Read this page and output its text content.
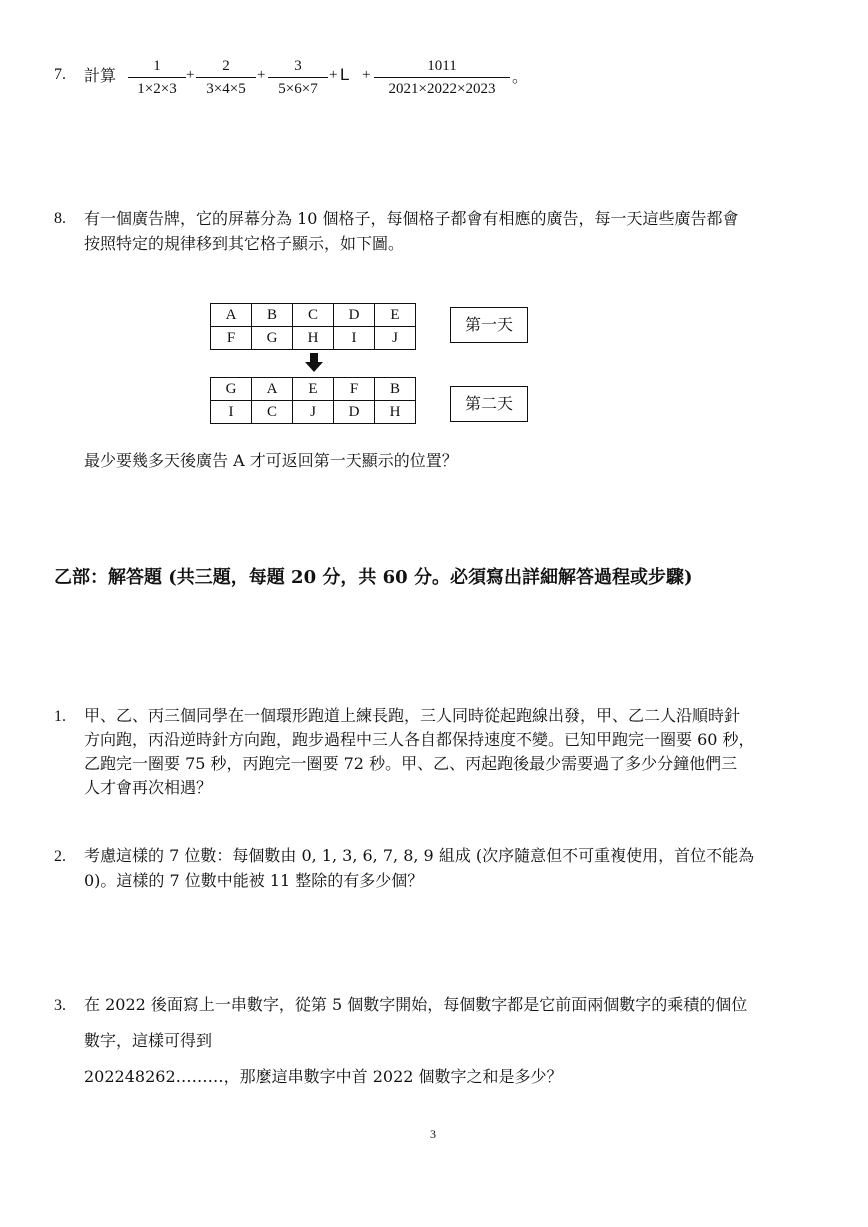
7. 計算	1
1×2×3
+
2
3×4×5
+
3
5×6×7
+ L +
1011
2021×2022×2023
。
8. 有一個廣告牌，它的屏幕分為 10 個格子，每個格子都會有相應的廣告，每一天這些廣告都會
按照特定的規律移到其它格子顯示，如下圖。
A	B	C	D	E
F	G	H	I	J
第一天
G	A	E	F	B
I	C	J	D	H	第二天
最少要幾多天後廣告 A 才可返回第一天顯示的位置？
乙部：解答題 (共三題，每題 20 分，共 60 分。必須寫出詳細解答過程或步驟)
1. 甲、乙、丙三個同學在一個環形跑道上練長跑，三人同時從起跑線出發，甲、乙二人沿順時針
方向跑，丙沿逆時針方向跑，跑步過程中三人各自都保持速度不變。已知甲跑完一圈要 60 秒，
乙跑完一圈要 75 秒，丙跑完一圈要 72 秒。甲、乙、丙起跑後最少需要過了多少分鐘他們三
人才會再次相遇？
2. 考慮這樣的 7 位數：每個數由 0, 1, 3, 6, 7, 8, 9 組成 (次序隨意但不可重複使用，首位不能為
0)。這樣的 7 位數中能被 11 整除的有多少個？
3. 在 2022 後面寫上一串數字，從第 5 個數字開始，每個數字都是它前面兩個數字的乘積的個位
數字，這樣可得到
202248262………，那麼這串數字中首 2022 個數字之和是多少？
3
